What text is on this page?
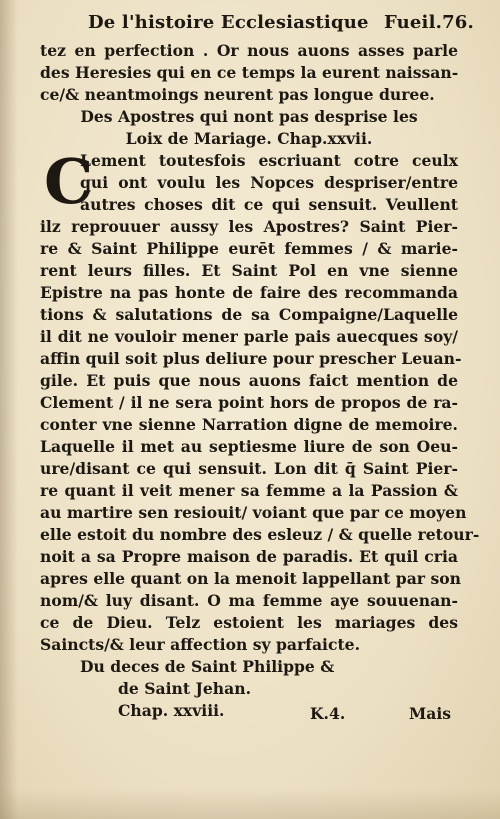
De l'histoire Ecclesiastique Fueil.76.
C
tez en perfection . Or nous auons asses parle
des Heresies qui en ce temps la eurent naissan-
ce/& neantmoings neurent pas longue duree.
Des Apostres qui nont pas desprise les
Loix de Mariage. Chap.xxvii.
Lement toutesfois escriuant cotre ceulx
qui ont voulu les Nopces despriser/entre
autres choses dit ce qui sensuit. Veullent
ilz reprouuer aussy les Apostres? Saint Pier-
re & Saint Philippe eurēt femmes / & marie-
rent leurs filles. Et Saint Pol en vne sienne
Epistre na pas honte de faire des recommanda
tions & salutations de sa Compaigne/Laquelle
il dit ne vouloir mener parle pais auecques soy/
affin quil soit plus deliure pour prescher Leuan-
gile. Et puis que nous auons faict mention de
Clement / il ne sera point hors de propos de ra-
conter vne sienne Narration digne de memoire.
Laquelle il met au septiesme liure de son Oeu-
ure/disant ce qui sensuit. Lon dit q̄ Saint Pier-
re quant il veit mener sa femme a la Passion &
au martire sen resiouit/ voiant que par ce moyen
elle estoit du nombre des esleuz / & quelle retour-
noit a sa Propre maison de paradis. Et quil cria
apres elle quant on la menoit lappellant par son
nom/& luy disant. O ma femme aye souuenan-
ce de Dieu. Telz estoient les mariages des
Saincts/& leur affection sy parfaicte.
Du deces de Saint Philippe &
de Saint Jehan.
Chap. xxviii.	K.4.	Mais
